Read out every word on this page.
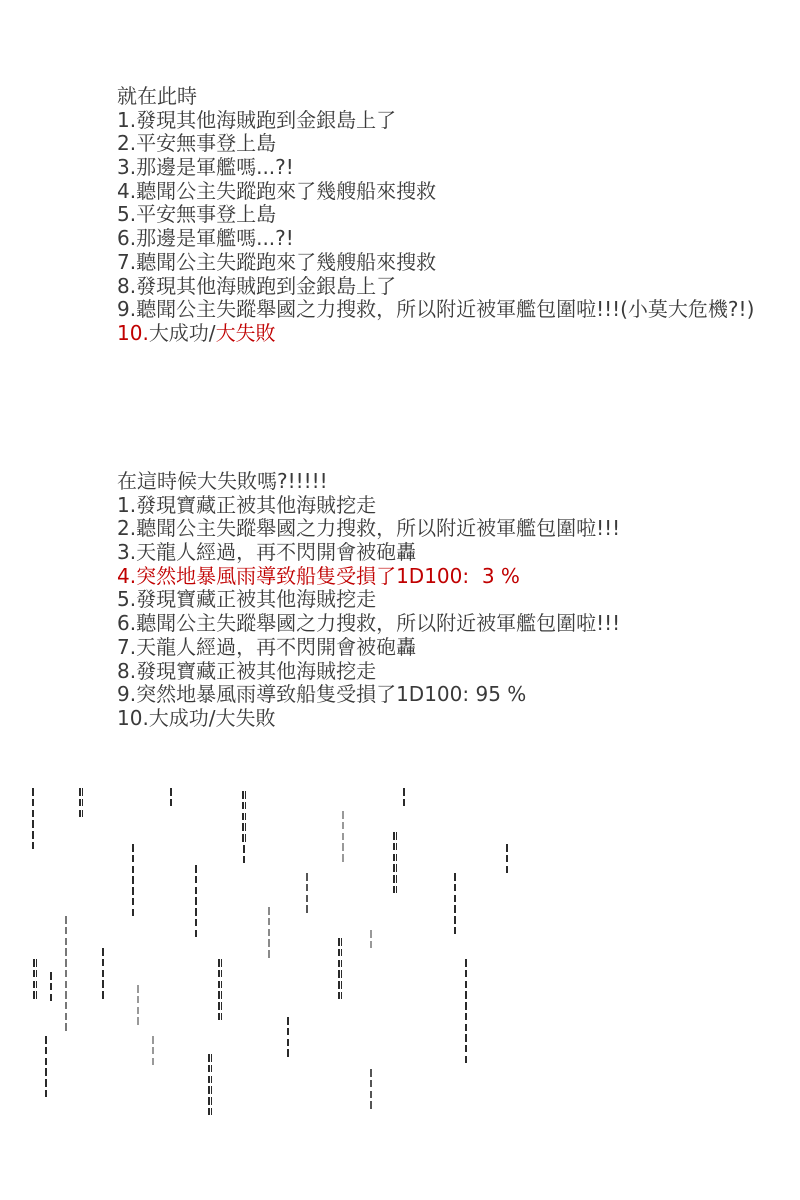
就在此時
1.發現其他海賊跑到金銀島上了
2.平安無事登上島
3.那邊是軍艦嗎...?!
4.聽聞公主失蹤跑來了幾艘船來搜救
5.平安無事登上島
6.那邊是軍艦嗎...?!
7.聽聞公主失蹤跑來了幾艘船來搜救
8.發現其他海賊跑到金銀島上了
9.聽聞公主失蹤舉國之力搜救，所以附近被軍艦包圍啦!!!(小莫大危機?!)
10.大成功/大失敗
在這時候大失敗嗎?!!!!!
1.發現寶藏正被其他海賊挖走
2.聽聞公主失蹤舉國之力搜救，所以附近被軍艦包圍啦!!!
3.天龍人經過，再不閃開會被砲轟
4.突然地暴風雨導致船隻受損了1D100:  3 %
5.發現寶藏正被其他海賊挖走
6.聽聞公主失蹤舉國之力搜救，所以附近被軍艦包圍啦!!!
7.天龍人經過，再不閃開會被砲轟
8.發現寶藏正被其他海賊挖走
9.突然地暴風雨導致船隻受損了1D100: 95 %
10.大成功/大失敗
